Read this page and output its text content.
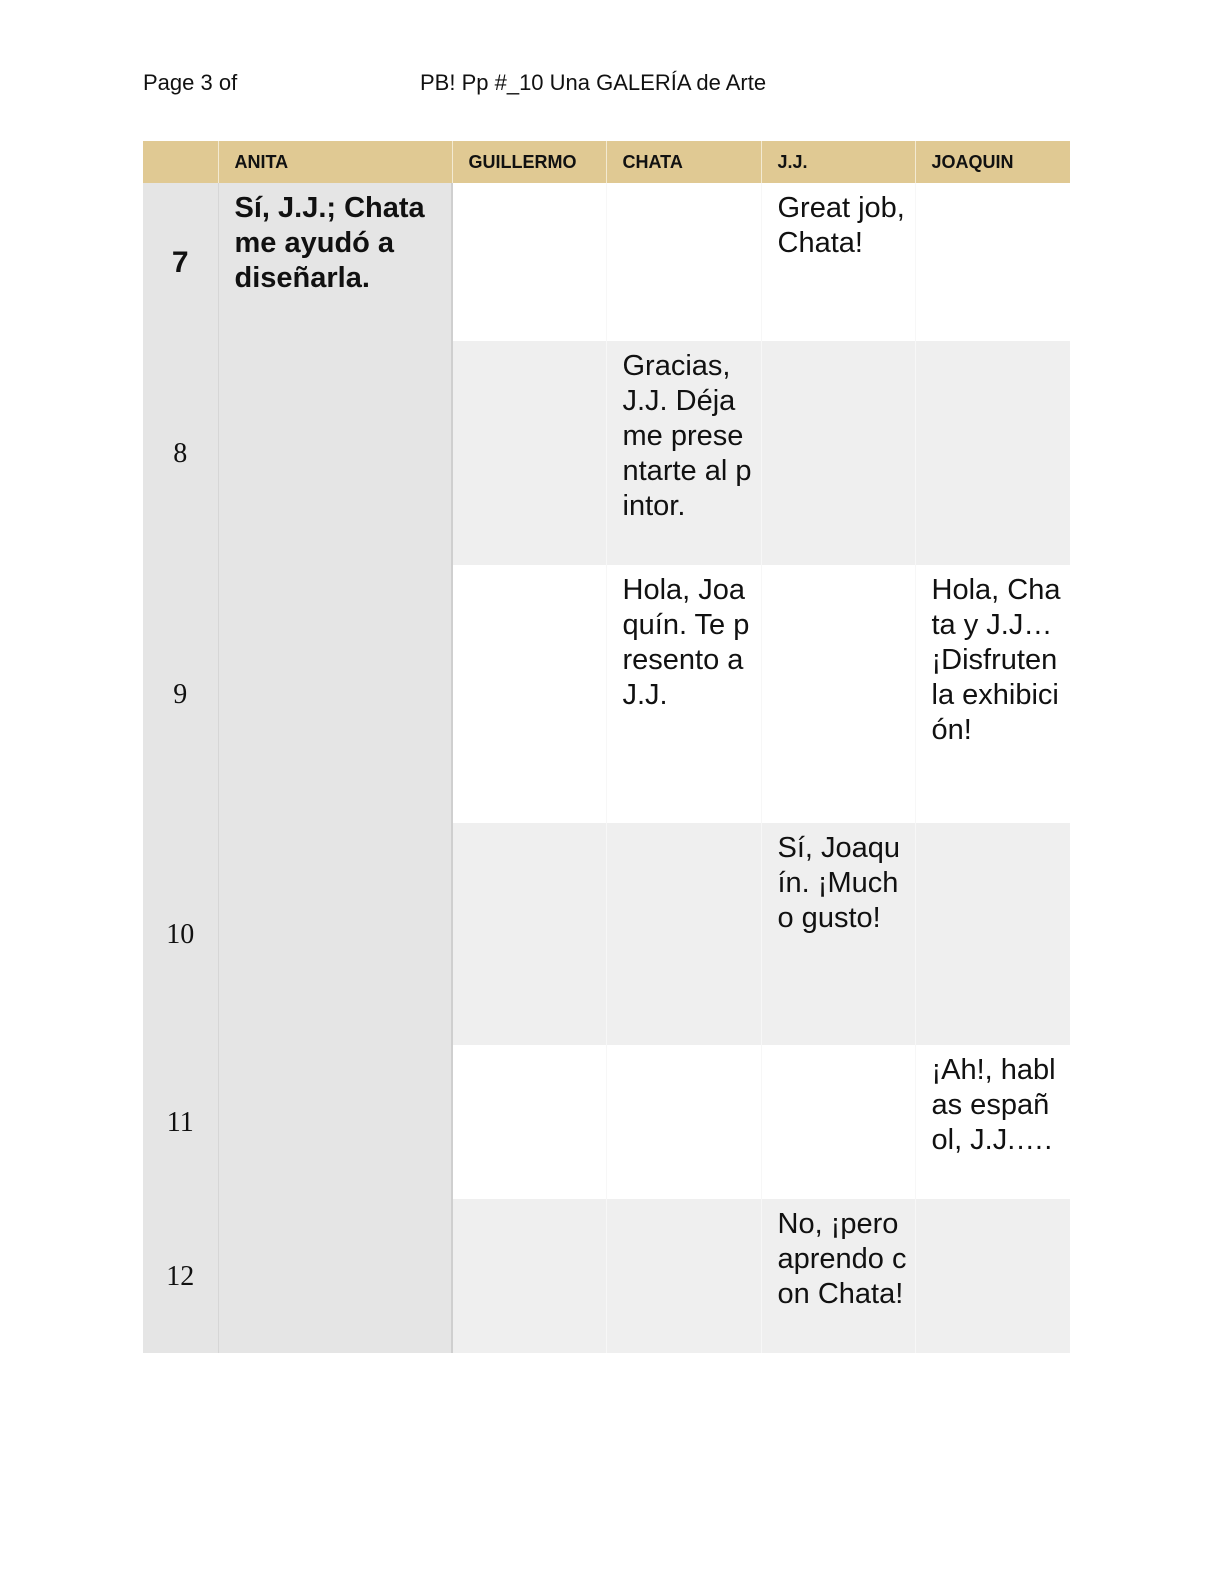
Page 3 of	PB! Pp #_10 Una GALERÍA de Arte
	ANITA	GUILLERMO	CHATA	J.J.	JOAQUIN
7	Sí, J.J.; Chata me ayudó a diseñarla.			Great job, Chata!	
8			Gracias, J.J. Déjame presentarte al pintor.		
9			Hola, Joaquín. Te presento a J.J.		Hola, Chata y J.J… ¡Disfruten la exhibición!
10				Sí, Joaquín. ¡Mucho gusto!	
11					¡Ah!, hablas español, J.J.….
12				No, ¡pero aprendo con Chata!	
